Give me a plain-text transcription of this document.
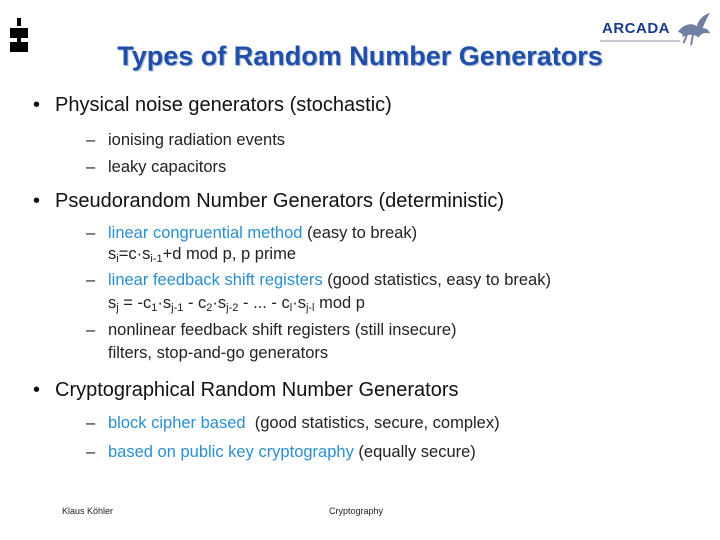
ARCADA
Types of Random Number Generators
• Physical noise generators (stochastic)
– ionising radiation events
– leaky capacitors
• Pseudorandom Number Generators (deterministic)
– linear congruential method (easy to break)
$s_i=c\cdot s_{i-1}+d$ mod p, p prime
– linear feedback shift registers (good statistics, easy to break)
$s_j = -c_1\cdot s_{j-1} - c_2\cdot s_{j-2}$ - ... - $c_l\cdot s_{j-l}$ mod p
– nonlinear feedback shift registers (still insecure)
filters, stop-and-go generators
• Cryptographical Random Number Generators
– block cipher based  (good statistics, secure, complex)
– based on public key cryptography (equally secure)
Klaus Köhler	Cryptography
